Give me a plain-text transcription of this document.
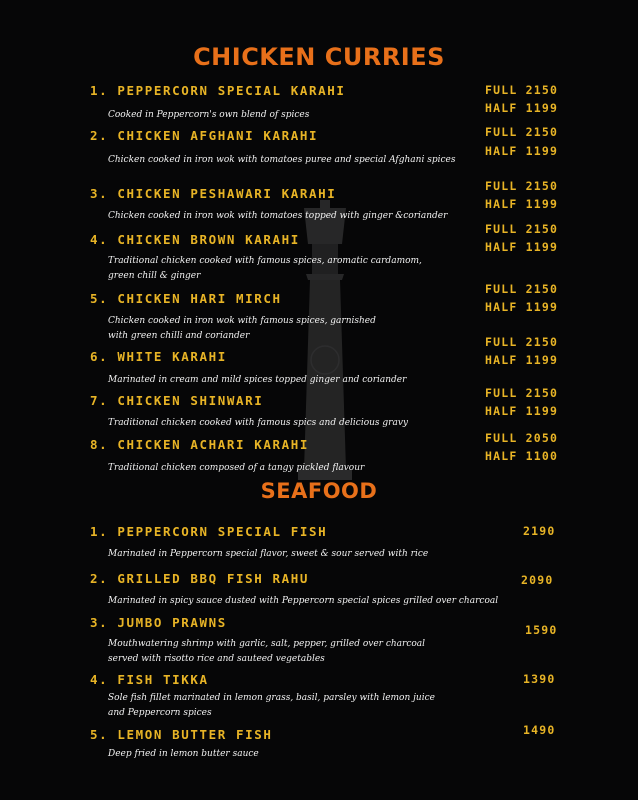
CHICKEN CURRIES
1. PEPPERCORN SPECIAL KARAHI
Cooked in Peppercorn's own blend of spices
FULL 2150
HALF 1199
2. CHICKEN AFGHANI KARAHI
Chicken cooked in iron wok with tomatoes puree and special Afghani spices
FULL 2150
HALF 1199
3. CHICKEN PESHAWARI KARAHI
Chicken cooked in iron wok with tomatoes topped with ginger &coriander
FULL 2150
HALF 1199
4. CHICKEN BROWN KARAHI
Traditional chicken cooked with famous spices, aromatic cardamom,
green chill & ginger
FULL 2150
HALF 1199
5. CHICKEN HARI MIRCH
Chicken cooked in iron wok with famous spices, garnished
with green chilli and coriander
FULL 2150
HALF 1199
6. WHITE KARAHI
Marinated in cream and mild spices topped ginger and coriander
FULL 2150
HALF 1199
7. CHICKEN SHINWARI
Traditional chicken cooked with famous spics and delicious gravy
FULL 2150
HALF 1199
8. CHICKEN ACHARI KARAHI
Traditional chicken composed of a tangy pickled flavour
FULL 2050
HALF 1100
SEAFOOD
1. PEPPERCORN SPECIAL FISH
Marinated in Peppercorn special flavor, sweet & sour served with rice
2190
2. GRILLED BBQ FISH RAHU
Marinated in spicy sauce dusted with Peppercorn special spices grilled over charcoal
2090
3. JUMBO PRAWNS
Mouthwatering shrimp with garlic, salt, pepper, grilled over charcoal
served with risotto rice and sauteed vegetables
1590
4. FISH TIKKA
Sole fish fillet marinated in lemon grass, basil, parsley with lemon juice
and Peppercorn spices
1390
5. LEMON BUTTER FISH
Deep fried in lemon butter sauce
1490
